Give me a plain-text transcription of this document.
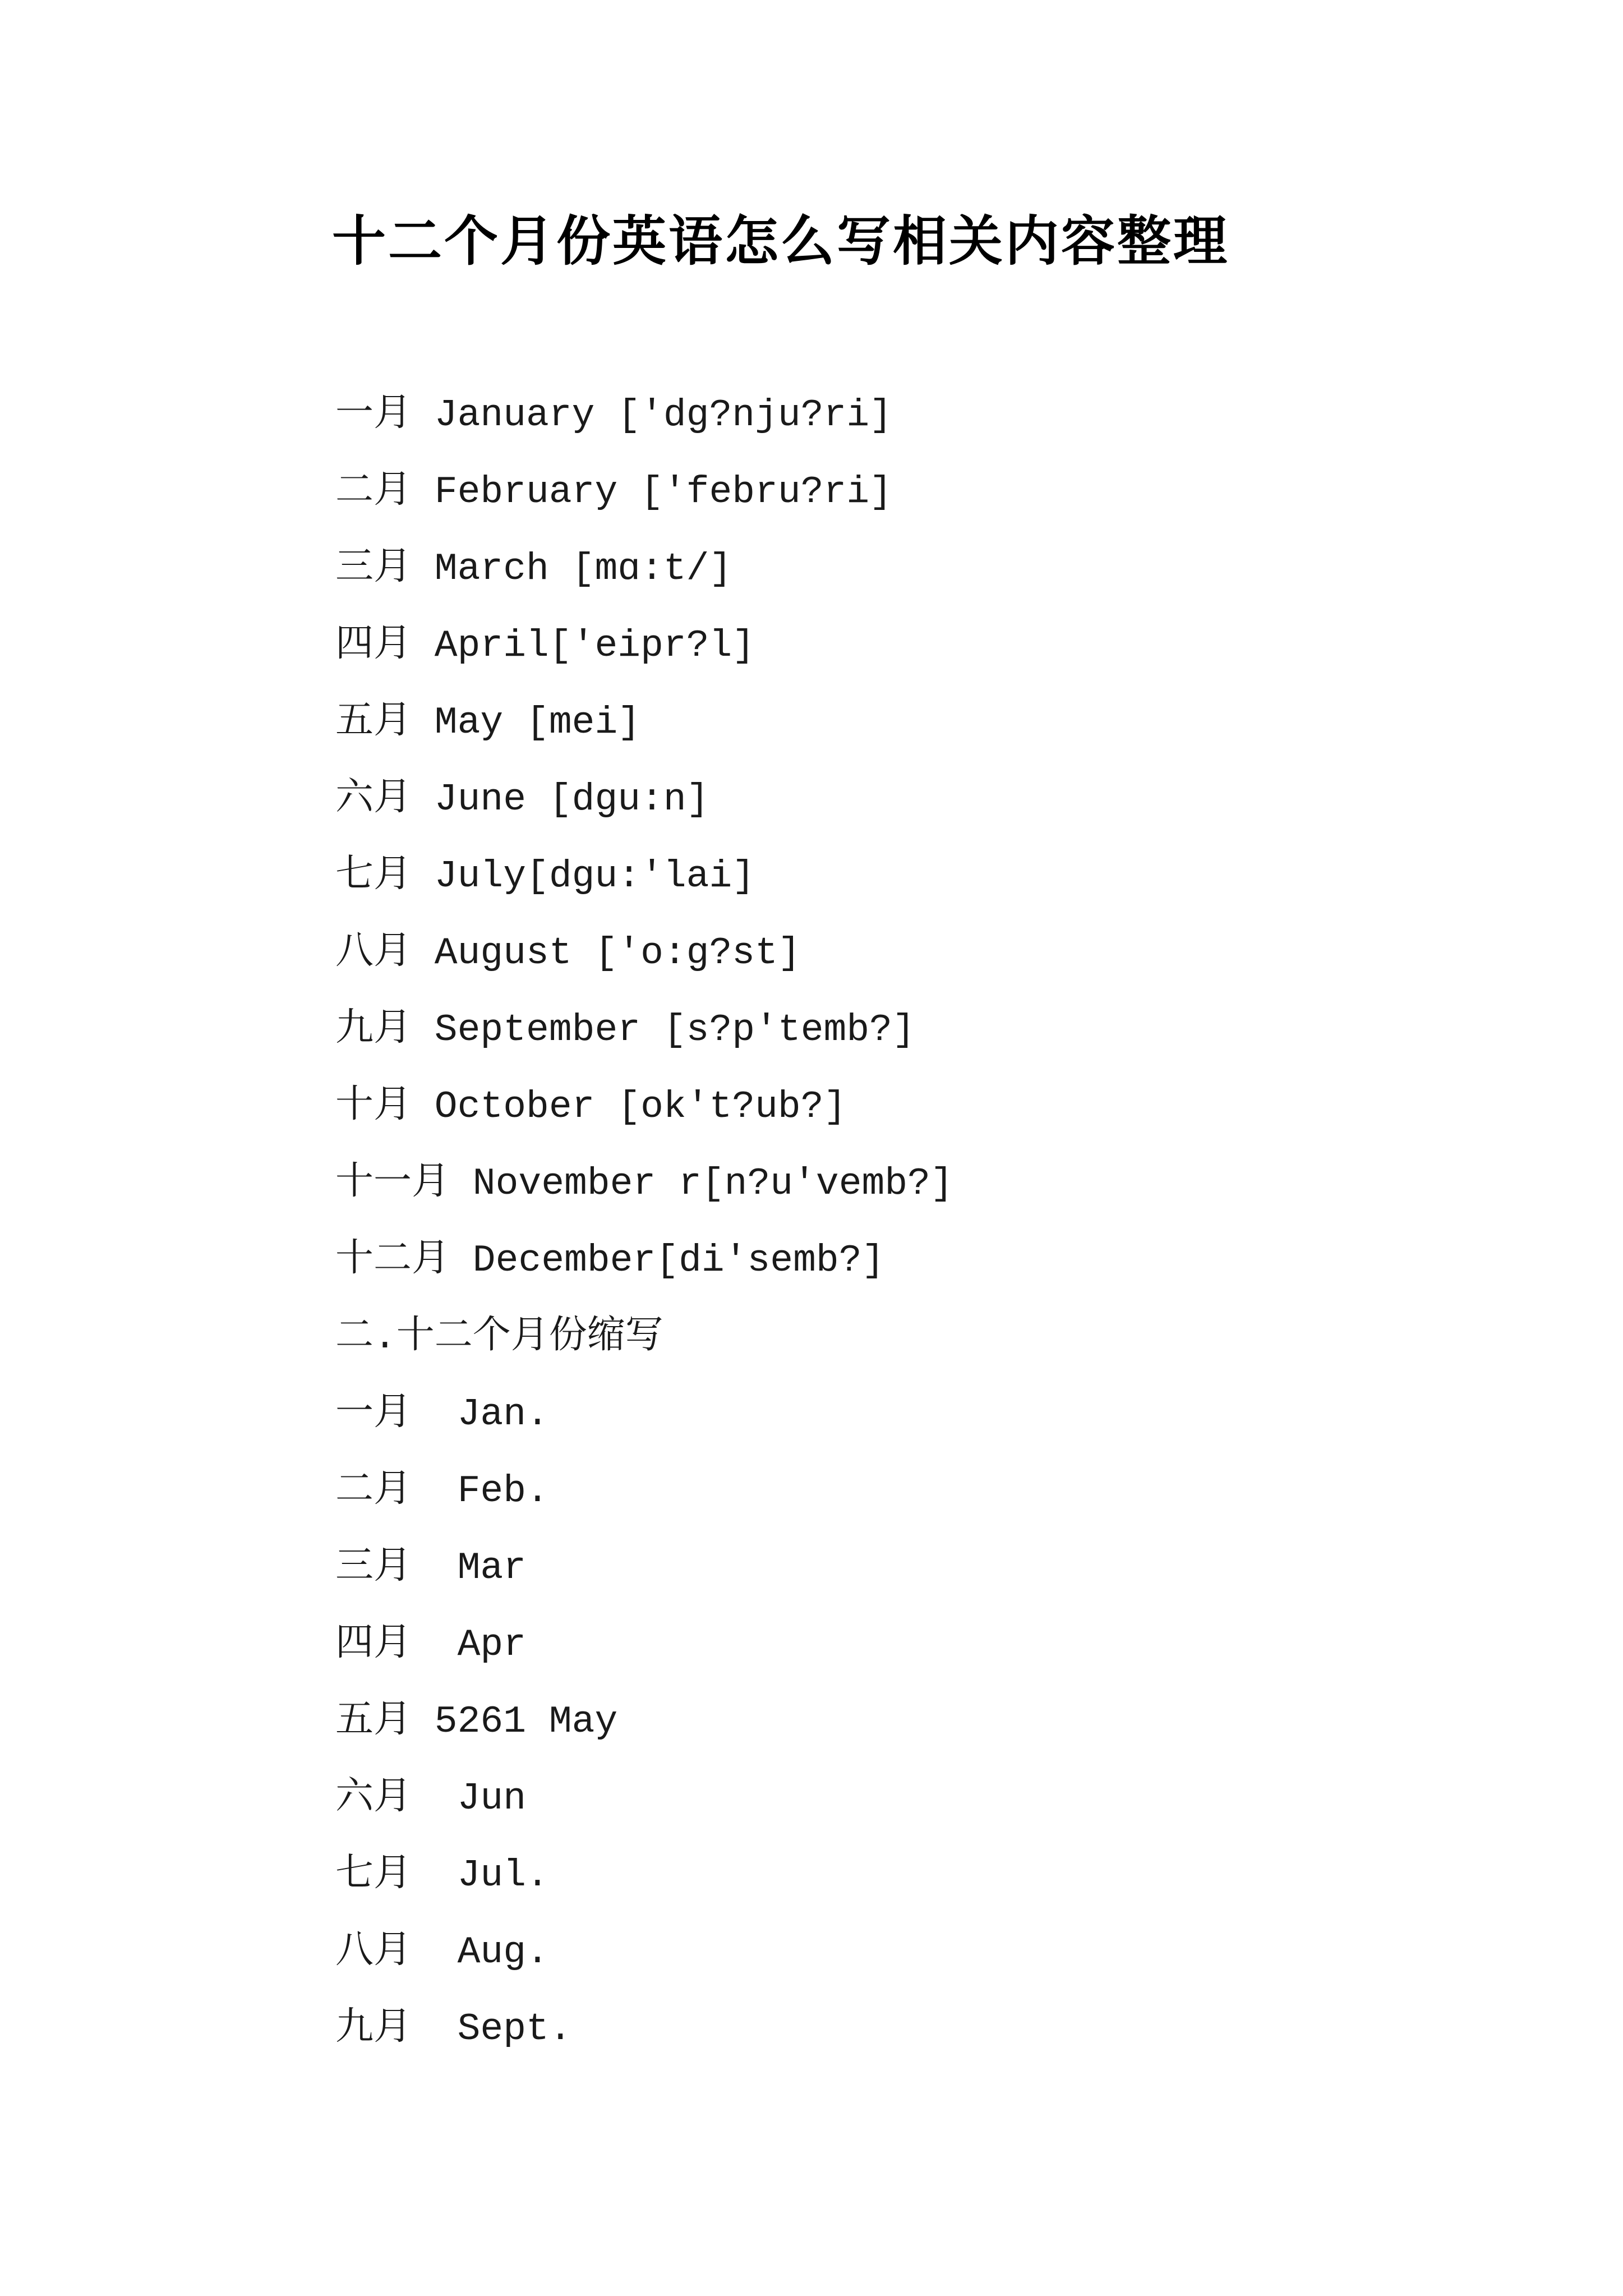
十二个月份英语怎么写相关内容整理
一月 January ['dg?nju?ri]
二月 February ['febru?ri]
三月 March [mɑ:t/]
四月 April['eipr?l]
五月 May [mei]
六月 June [dgu:n]
七月 July[dgu:'lai]
八月 August ['o:g?st]
九月 September [s?p'temb?]
十月 October [ok't?ub?]
十一月 November r[n?u'vemb?]
十二月 December[di'semb?]
二.十二个月份缩写
一月  Jan.
二月  Feb.
三月  Mar
四月  Apr
五月 5261 May
六月  Jun
七月  Jul.
八月  Aug.
九月  Sept.
